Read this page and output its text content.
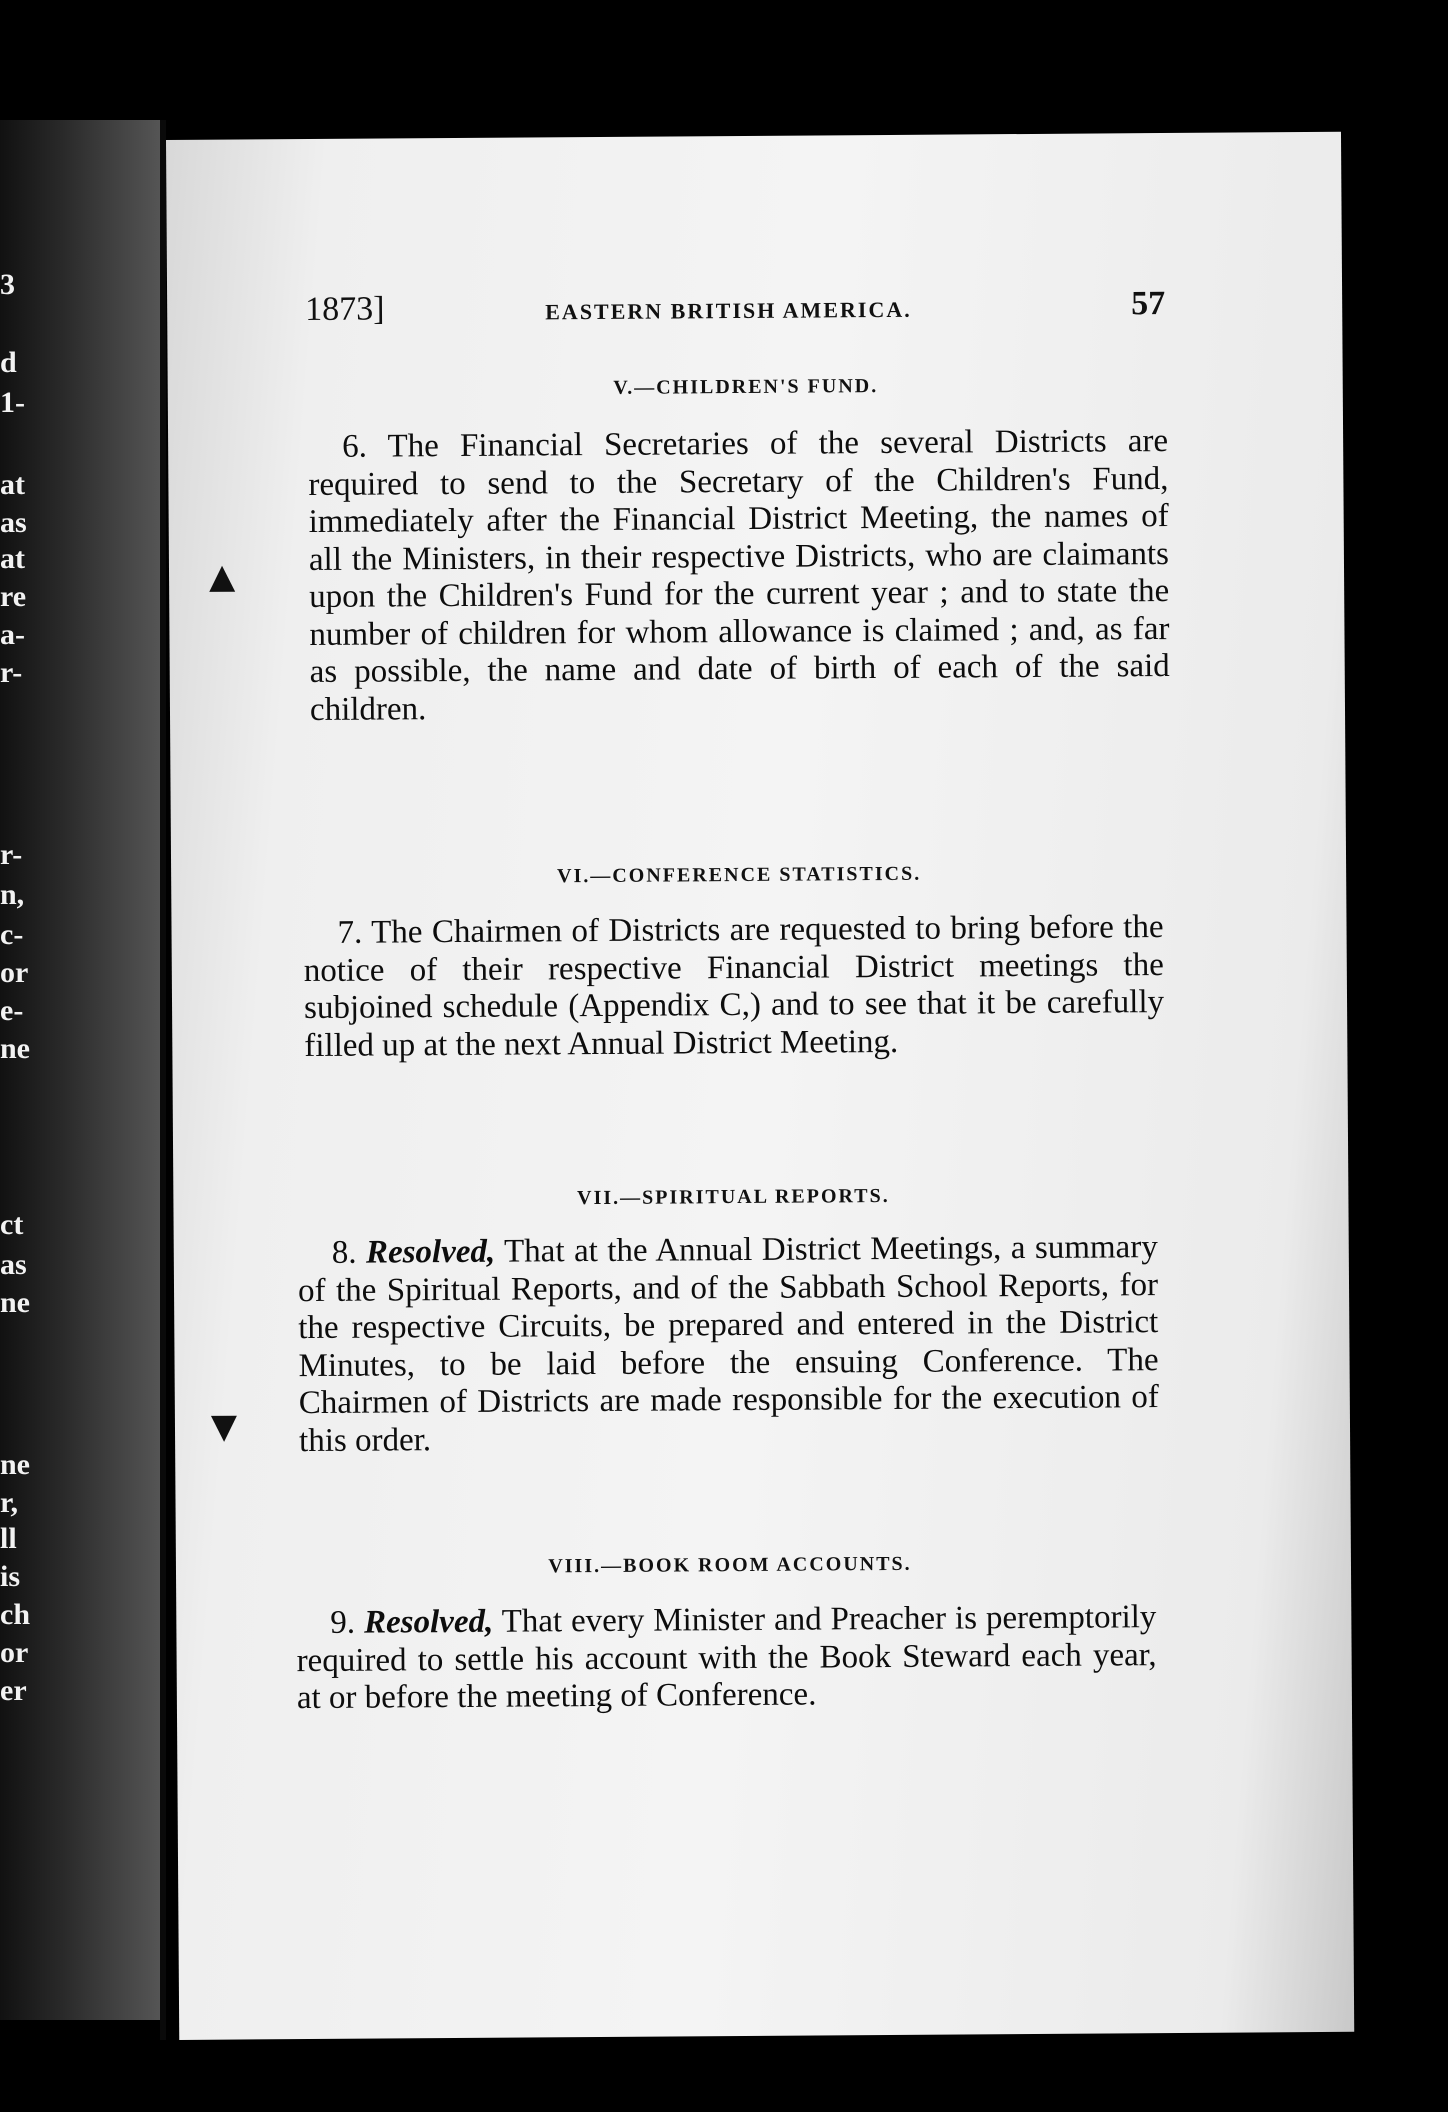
3
d
1-
at
as
at
re
a-
r-
r-
n,
c-
or
e-
ne
ct
as
ne
ne
r,
ll
is
ch
or
er
1873]	EASTERN BRITISH AMERICA.	57
V.—CHILDREN'S FUND.

6. The Financial Secretaries of the several Districts are required to send to the Secretary of the Children's Fund, immediately after the Financial District Meeting, the names of all the Ministers, in their respective Districts, who are claimants upon the Children's Fund for the current year ; and to state the number of children for whom allowance is claimed ; and, as far as possible, the name and date of birth of each of the said children.

VI.—CONFERENCE STATISTICS.

7. The Chairmen of Districts are requested to bring before the notice of their respective Financial District meetings the subjoined schedule (Appendix C,) and to see that it be carefully filled up at the next Annual District Meeting.

VII.—SPIRITUAL REPORTS.

8. Resolved, That at the Annual District Meetings, a summary of the Spiritual Reports, and of the Sabbath School Reports, for the respective Circuits, be prepared and entered in the District Minutes, to be laid before the ensuing Conference. The Chairmen of Districts are made responsible for the execution of this order.

VIII.—BOOK ROOM ACCOUNTS.

9. Resolved, That every Minister and Preacher is peremptorily required to settle his account with the Book Steward each year, at or before the meeting of Conference.

▲
▼
